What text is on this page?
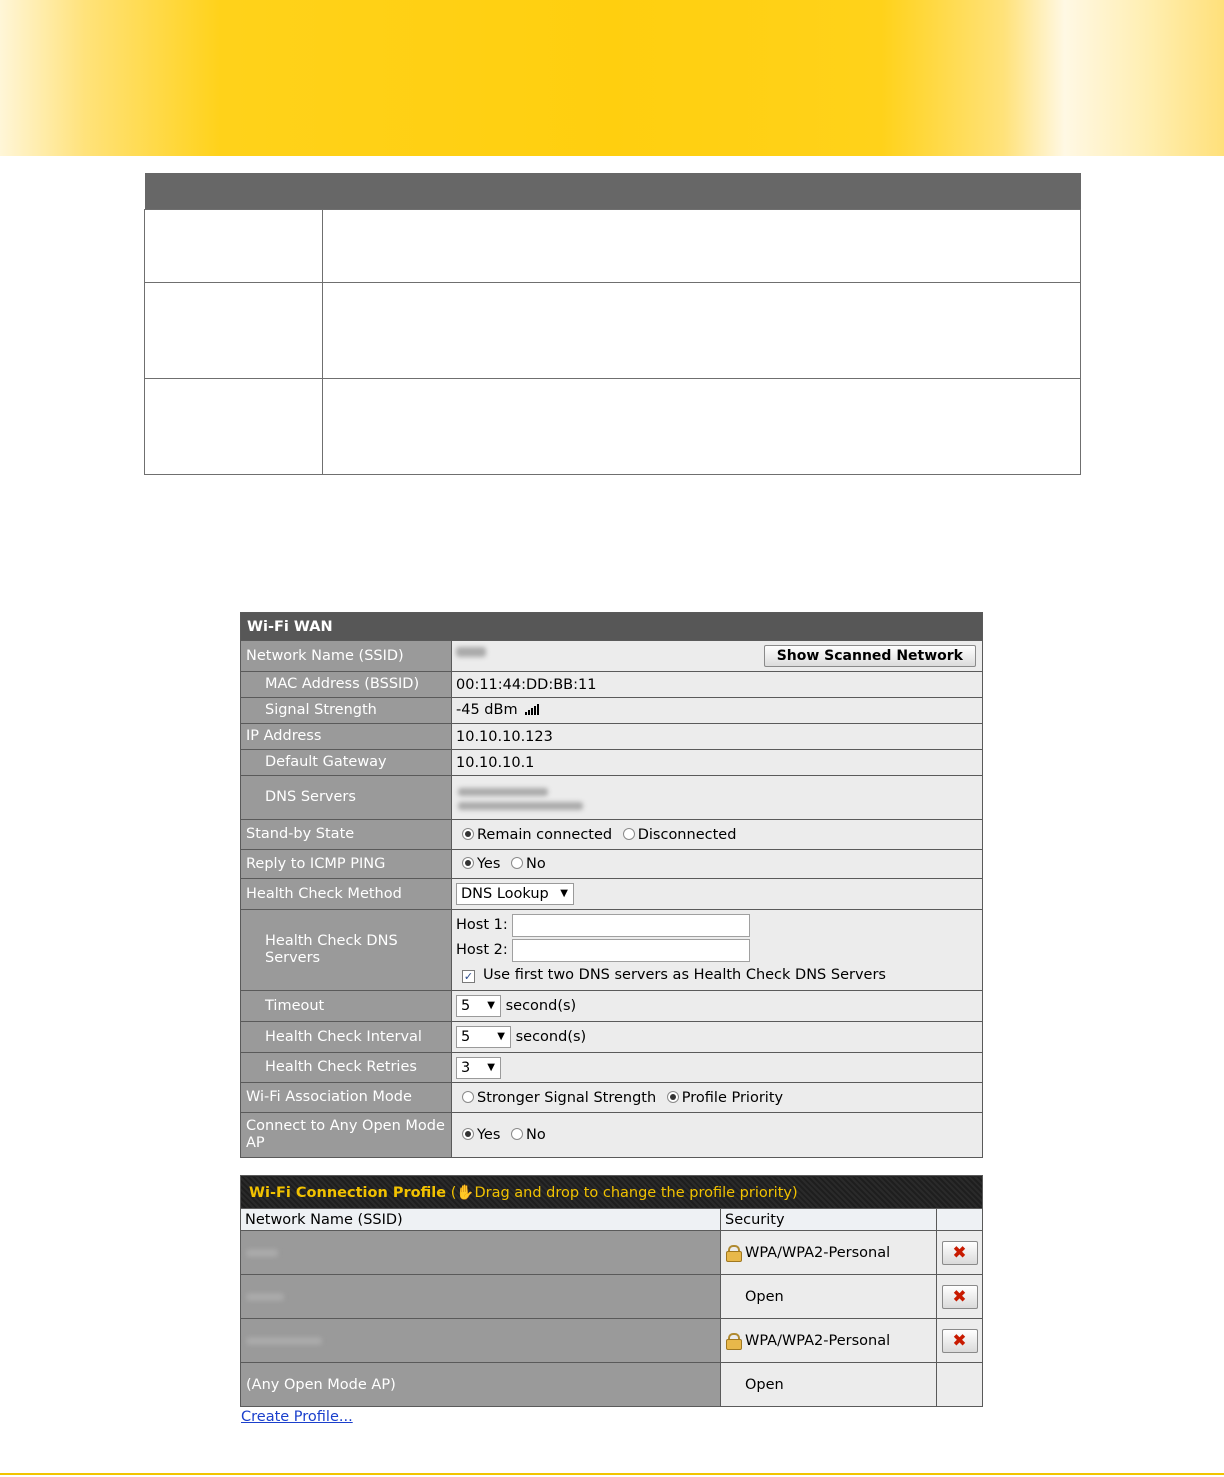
Wi-Fi WAN	
Network Name (SSID)	Show Scanned Network

MAC Address (BSSID)	00:11:44:DD:BB:11
Signal Strength	-45 dBm
IP Address	10.10.10.123
Default Gateway	10.10.10.1
DNS Servers	

Stand-by State	Remain connected Disconnected
Reply to ICMP PING	Yes No
Health Check Method	DNS Lookup ▼

Health Check DNS Servers	Host 1:
Host 2:
✓ Use first two DNS servers as Health Check DNS Servers

Timeout	5 ▼ second(s)
Health Check Interval	5 ▼ second(s)
Health Check Retries	3 ▼

Wi-Fi Association Mode	Stronger Signal Strength Profile Priority
Connect to Any Open Mode AP	Yes No
Wi-Fi Connection Profile (✋Drag and drop to change the profile priority)		
Network Name (SSID)	Security	
	WPA/WPA2-Personal	✖
	Open	✖
	WPA/WPA2-Personal	✖
(Any Open Mode AP)	Open	
Create Profile...
